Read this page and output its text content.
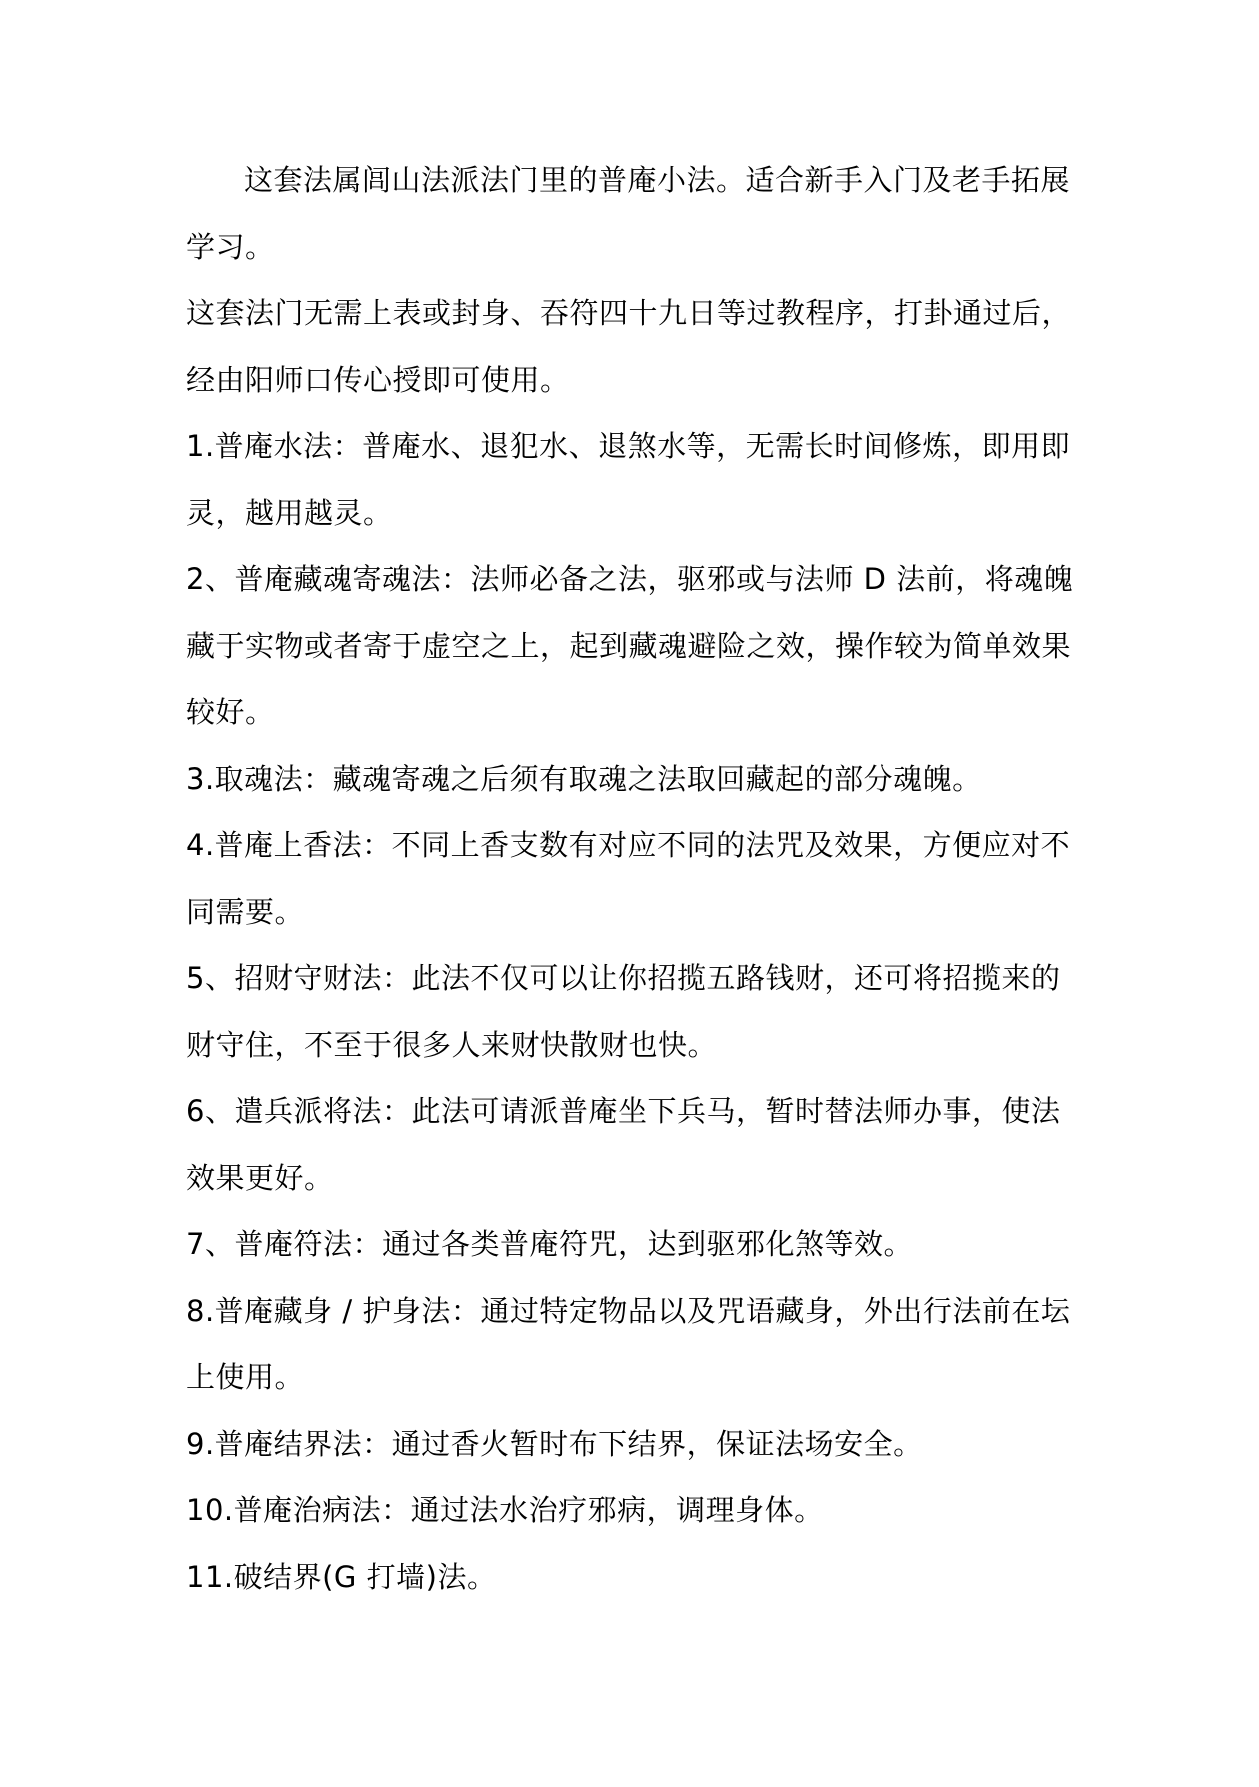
这套法属闾山法派法门里的普庵小法。适合新手入门及老手拓展学习。

这套法门无需上表或封身、吞符四十九日等过教程序，打卦通过后，经由阳师口传心授即可使用。

1.普庵水法：普庵水、退犯水、退煞水等，无需长时间修炼，即用即灵，越用越灵。

2、普庵藏魂寄魂法：法师必备之法，驱邪或与法师 D 法前，将魂魄藏于实物或者寄于虚空之上，起到藏魂避险之效，操作较为简单效果较好。

3.取魂法：藏魂寄魂之后须有取魂之法取回藏起的部分魂魄。

4.普庵上香法：不同上香支数有对应不同的法咒及效果，方便应对不同需要。

5、招财守财法：此法不仅可以让你招揽五路钱财，还可将招揽来的财守住，不至于很多人来财快散财也快。

6、遣兵派将法：此法可请派普庵坐下兵马，暂时替法师办事，使法效果更好。

7、普庵符法：通过各类普庵符咒，达到驱邪化煞等效。

8.普庵藏身 / 护身法：通过特定物品以及咒语藏身，外出行法前在坛上使用。

9.普庵结界法：通过香火暂时布下结界，保证法场安全。

10.普庵治病法：通过法水治疗邪病，调理身体。

11.破结界(G 打墙)法。
